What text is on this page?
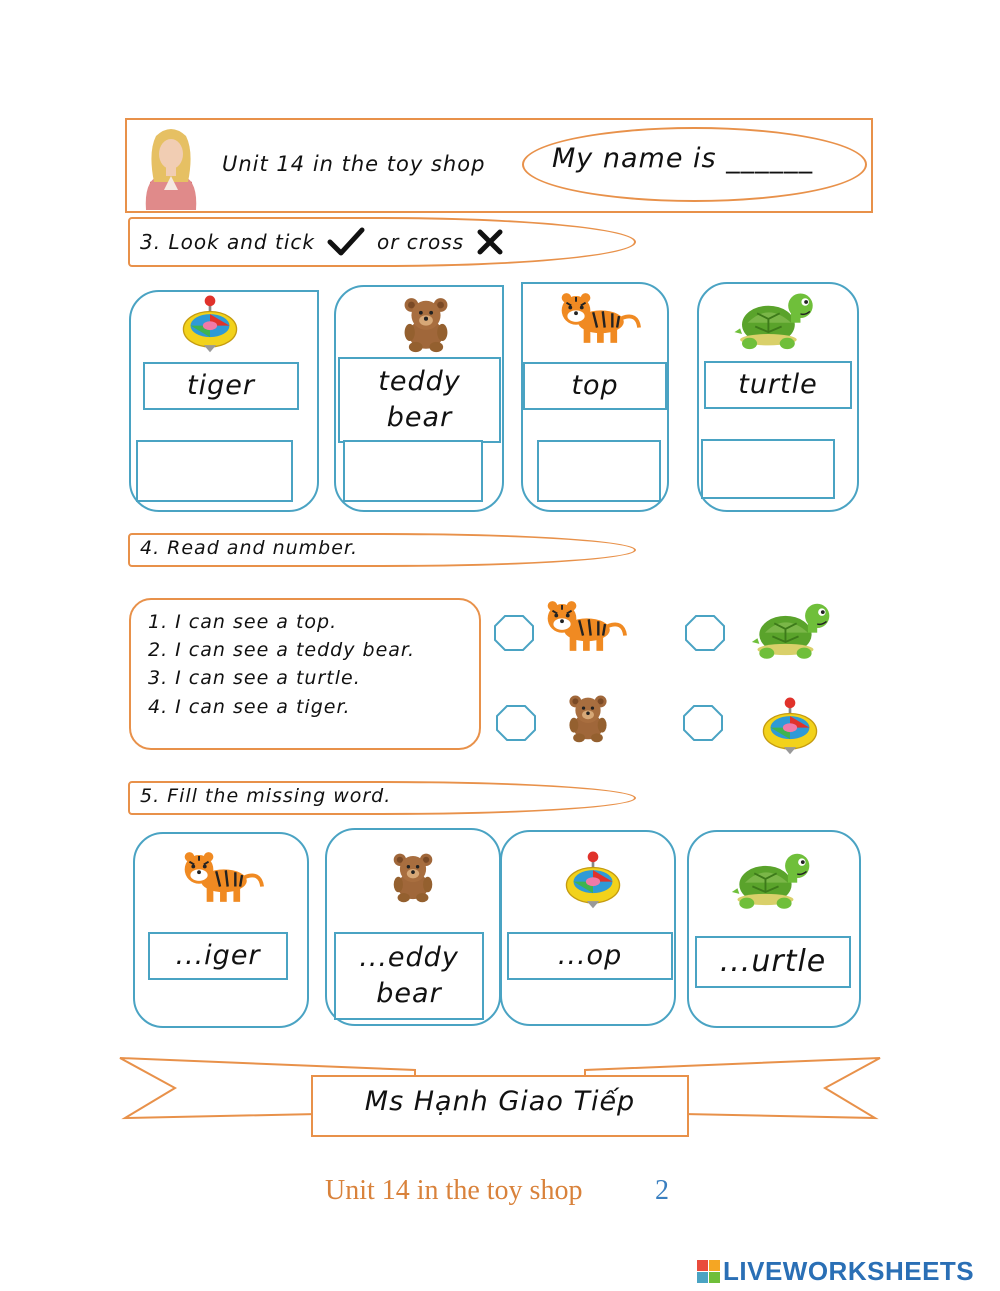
Unit 14 in the toy shop My name is ______
3. Look and tick	or cross
tiger	teddy
bear
top	turtle
4. Read and number.
1. I can see a top.
2. I can see a teddy bear.
3. I can see a turtle.
4. I can see a tiger.
5. Fill the missing word.
...iger	...eddy
bear
...op	...urtle
Ms Hạnh Giao Tiếp
Unit 14 in the toy shop	2
LIVEWORKSHEETS
